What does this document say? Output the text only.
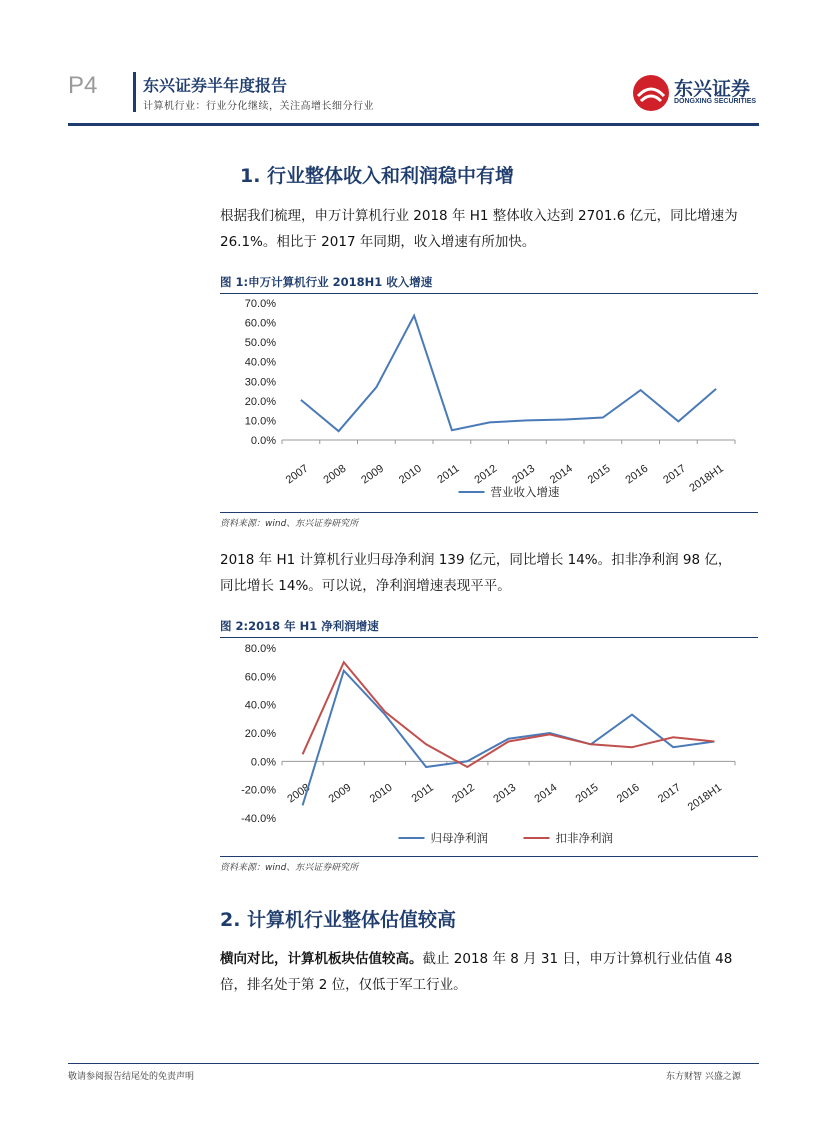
P4	东兴证券半年度报告
计算机行业：行业分化继续，关注高增长细分行业
东兴证券
DONGXING SECURITIES
1. 行业整体收入和利润稳中有增
根据我们梳理，申万计算机行业 2018 年 H1 整体收入达到 2701.6 亿元，同比增速为
26.1%。相比于 2017 年同期，收入增速有所加快。
图 1:申万计算机行业 2018H1 收入增速
0.0%
10.0%
20.0%
30.0%
40.0%
50.0%
60.0%
70.0%
2007 2008 2009 2010 2011 2012 2013 2014 2015 2016 2017 2018H1
营业收入增速
资料来源：wind、东兴证券研究所
2018 年 H1 计算机行业归母净利润 139 亿元，同比增长 14%。扣非净利润 98 亿，
同比增长 14%。可以说，净利润增速表现平平。
图 2:2018 年 H1 净利润增速
-40.0%
-20.0%
0.0%
20.0%
40.0%
60.0%
80.0%
2008 2009 2010 2011 2012 2013 2014 2015 2016 2017 2018H1
归母净利润	扣非净利润
资料来源：wind、东兴证券研究所
2. 计算机行业整体估值较高
横向对比，计算机板块估值较高。截止 2018 年 8 月 31 日，申万计算机行业估值 48
倍，排名处于第 2 位，仅低于军工行业。
敬请参阅报告结尾处的免责声明	东方财智 兴盛之源
